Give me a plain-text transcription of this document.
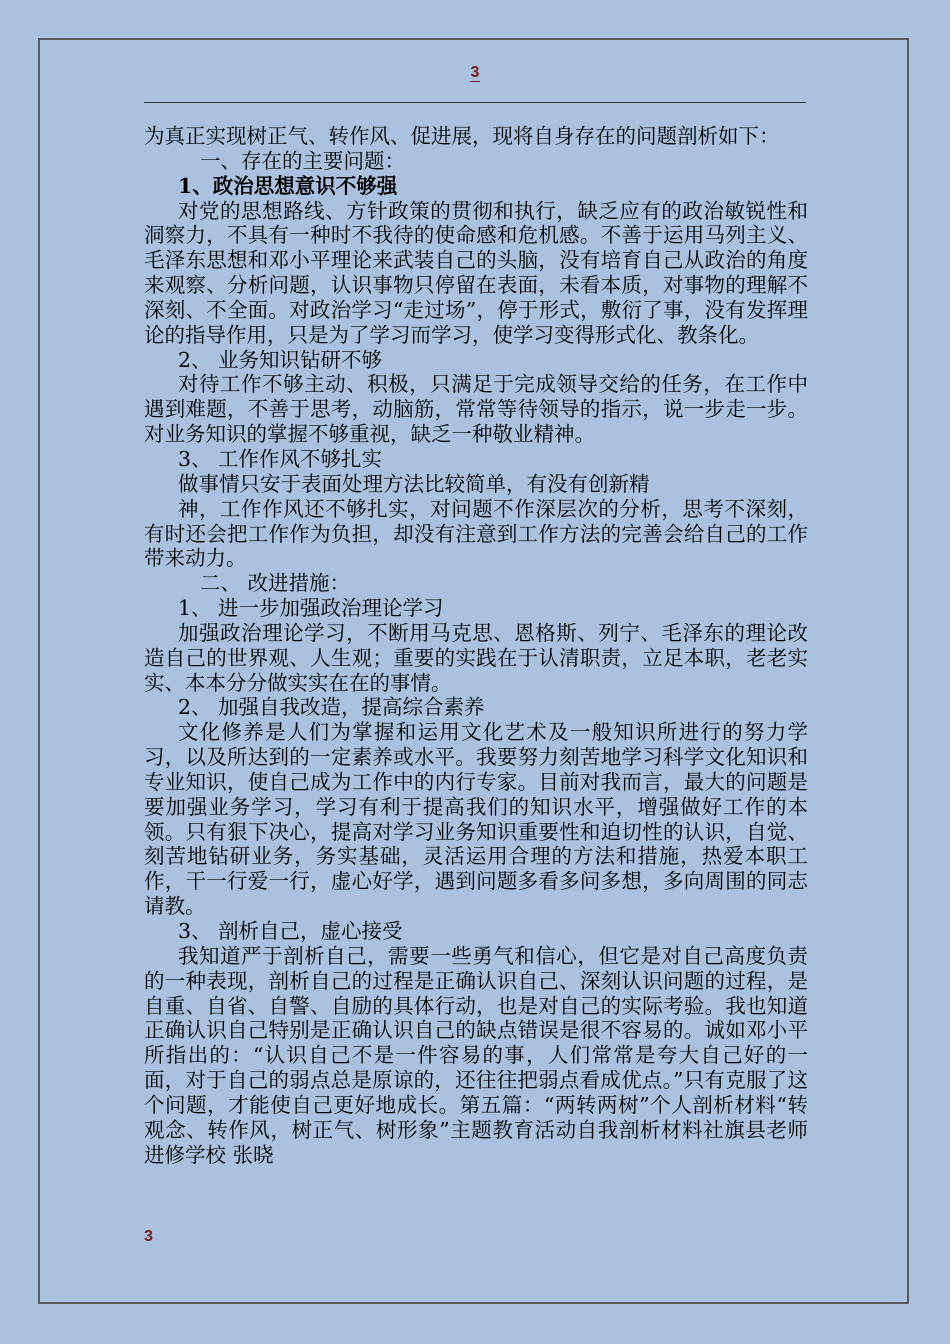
3

为真正实现树正气、转作风、促进展，现将自身存在的问题剖析如下：

一、存在的主要问题：

1、政治思想意识不够强

对党的思想路线、方针政策的贯彻和执行，缺乏应有的政治敏锐性和洞察力，不具有一种时不我待的使命感和危机感。不善于运用马列主义、毛泽东思想和邓小平理论来武装自己的头脑，没有培育自己从政治的角度来观察、分析问题，认识事物只停留在表面，未看本质，对事物的理解不深刻、不全面。对政治学习“走过场”，停于形式，敷衍了事，没有发挥理论的指导作用，只是为了学习而学习，使学习变得形式化、教条化。

2、 业务知识钻研不够

对待工作不够主动、积极，只满足于完成领导交给的任务，在工作中遇到难题，不善于思考，动脑筋，常常等待领导的指示，说一步走一步。对业务知识的掌握不够重视，缺乏一种敬业精神。

3、 工作作风不够扎实

做事情只安于表面处理方法比较简单，有没有创新精

神，工作作风还不够扎实，对问题不作深层次的分析，思考不深刻，有时还会把工作作为负担，却没有注意到工作方法的完善会给自己的工作带来动力。

二、 改进措施：

1、 进一步加强政治理论学习

加强政治理论学习，不断用马克思、恩格斯、列宁、毛泽东的理论改造自己的世界观、人生观；重要的实践在于认清职责，立足本职，老老实实、本本分分做实实在在的事情。

2、 加强自我改造，提高综合素养

文化修养是人们为掌握和运用文化艺术及一般知识所进行的努力学习，以及所达到的一定素养或水平。我要努力刻苦地学习科学文化知识和专业知识，使自己成为工作中的内行专家。目前对我而言，最大的问题是要加强业务学习，学习有利于提高我们的知识水平，增强做好工作的本领。只有狠下决心，提高对学习业务知识重要性和迫切性的认识，自觉、刻苦地钻研业务，务实基础，灵活运用合理的方法和措施，热爱本职工作，干一行爱一行，虚心好学，遇到问题多看多问多想，多向周围的同志请教。

3、 剖析自己，虚心接受

我知道严于剖析自己，需要一些勇气和信心，但它是对自己高度负责的一种表现，剖析自己的过程是正确认识自己、深刻认识问题的过程，是自重、自省、自警、自励的具体行动，也是对自己的实际考验。我也知道正确认识自己特别是正确认识自己的缺点错误是很不容易的。诚如邓小平所指出的：“认识自己不是一件容易的事，人们常常是夸大自己好的一面，对于自己的弱点总是原谅的，还往往把弱点看成优点。”只有克服了这个问题，才能使自己更好地成长。第五篇：“两转两树”个人剖析材料“转观念、转作风，树正气、树形象”主题教育活动自我剖析材料社旗县老师进修学校 张晓

3
